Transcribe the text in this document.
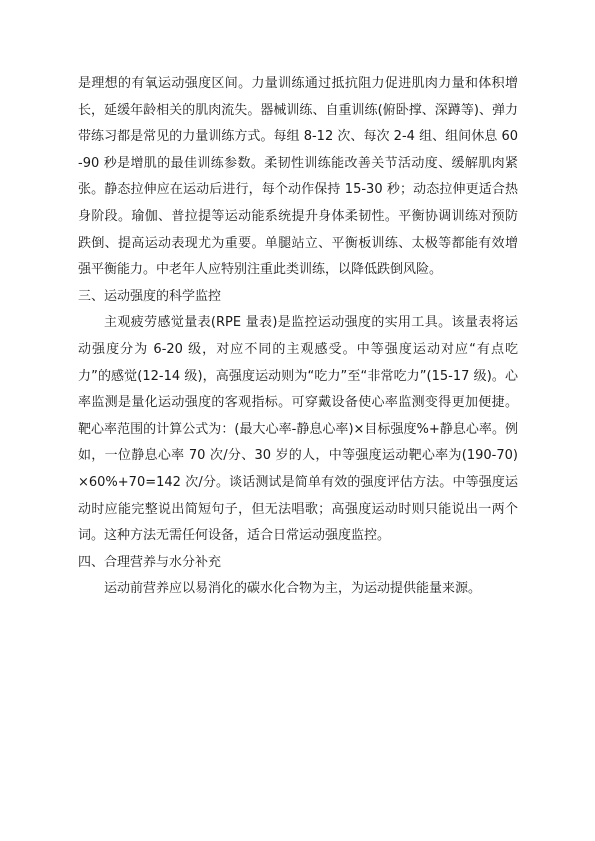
是理想的有氧运动强度区间。力量训练通过抵抗阻力促进肌肉力量和体积增长，延缓年龄相关的肌肉流失。器械训练、自重训练(俯卧撑、深蹲等)、弹力带练习都是常见的力量训练方式。每组 8-12 次、每次 2-4 组、组间休息 60-90 秒是增肌的最佳训练参数。柔韧性训练能改善关节活动度、缓解肌肉紧张。静态拉伸应在运动后进行，每个动作保持 15-30 秒；动态拉伸更适合热身阶段。瑜伽、普拉提等运动能系统提升身体柔韧性。平衡协调训练对预防跌倒、提高运动表现尤为重要。单腿站立、平衡板训练、太极等都能有效增强平衡能力。中老年人应特别注重此类训练，以降低跌倒风险。

三、运动强度的科学监控

主观疲劳感觉量表(RPE 量表)是监控运动强度的实用工具。该量表将运动强度分为 6-20 级，对应不同的主观感受。中等强度运动对应“有点吃力”的感觉(12-14 级)，高强度运动则为“吃力”至“非常吃力”(15-17 级)。心率监测是量化运动强度的客观指标。可穿戴设备使心率监测变得更加便捷。靶心率范围的计算公式为：(最大心率-静息心率)×目标强度%+静息心率。例如，一位静息心率 70 次/分、30 岁的人，中等强度运动靶心率为(190-70)×60%+70=142 次/分。谈话测试是简单有效的强度评估方法。中等强度运动时应能完整说出简短句子，但无法唱歌；高强度运动时则只能说出一两个词。这种方法无需任何设备，适合日常运动强度监控。

四、合理营养与水分补充

运动前营养应以易消化的碳水化合物为主，为运动提供能量来源。
